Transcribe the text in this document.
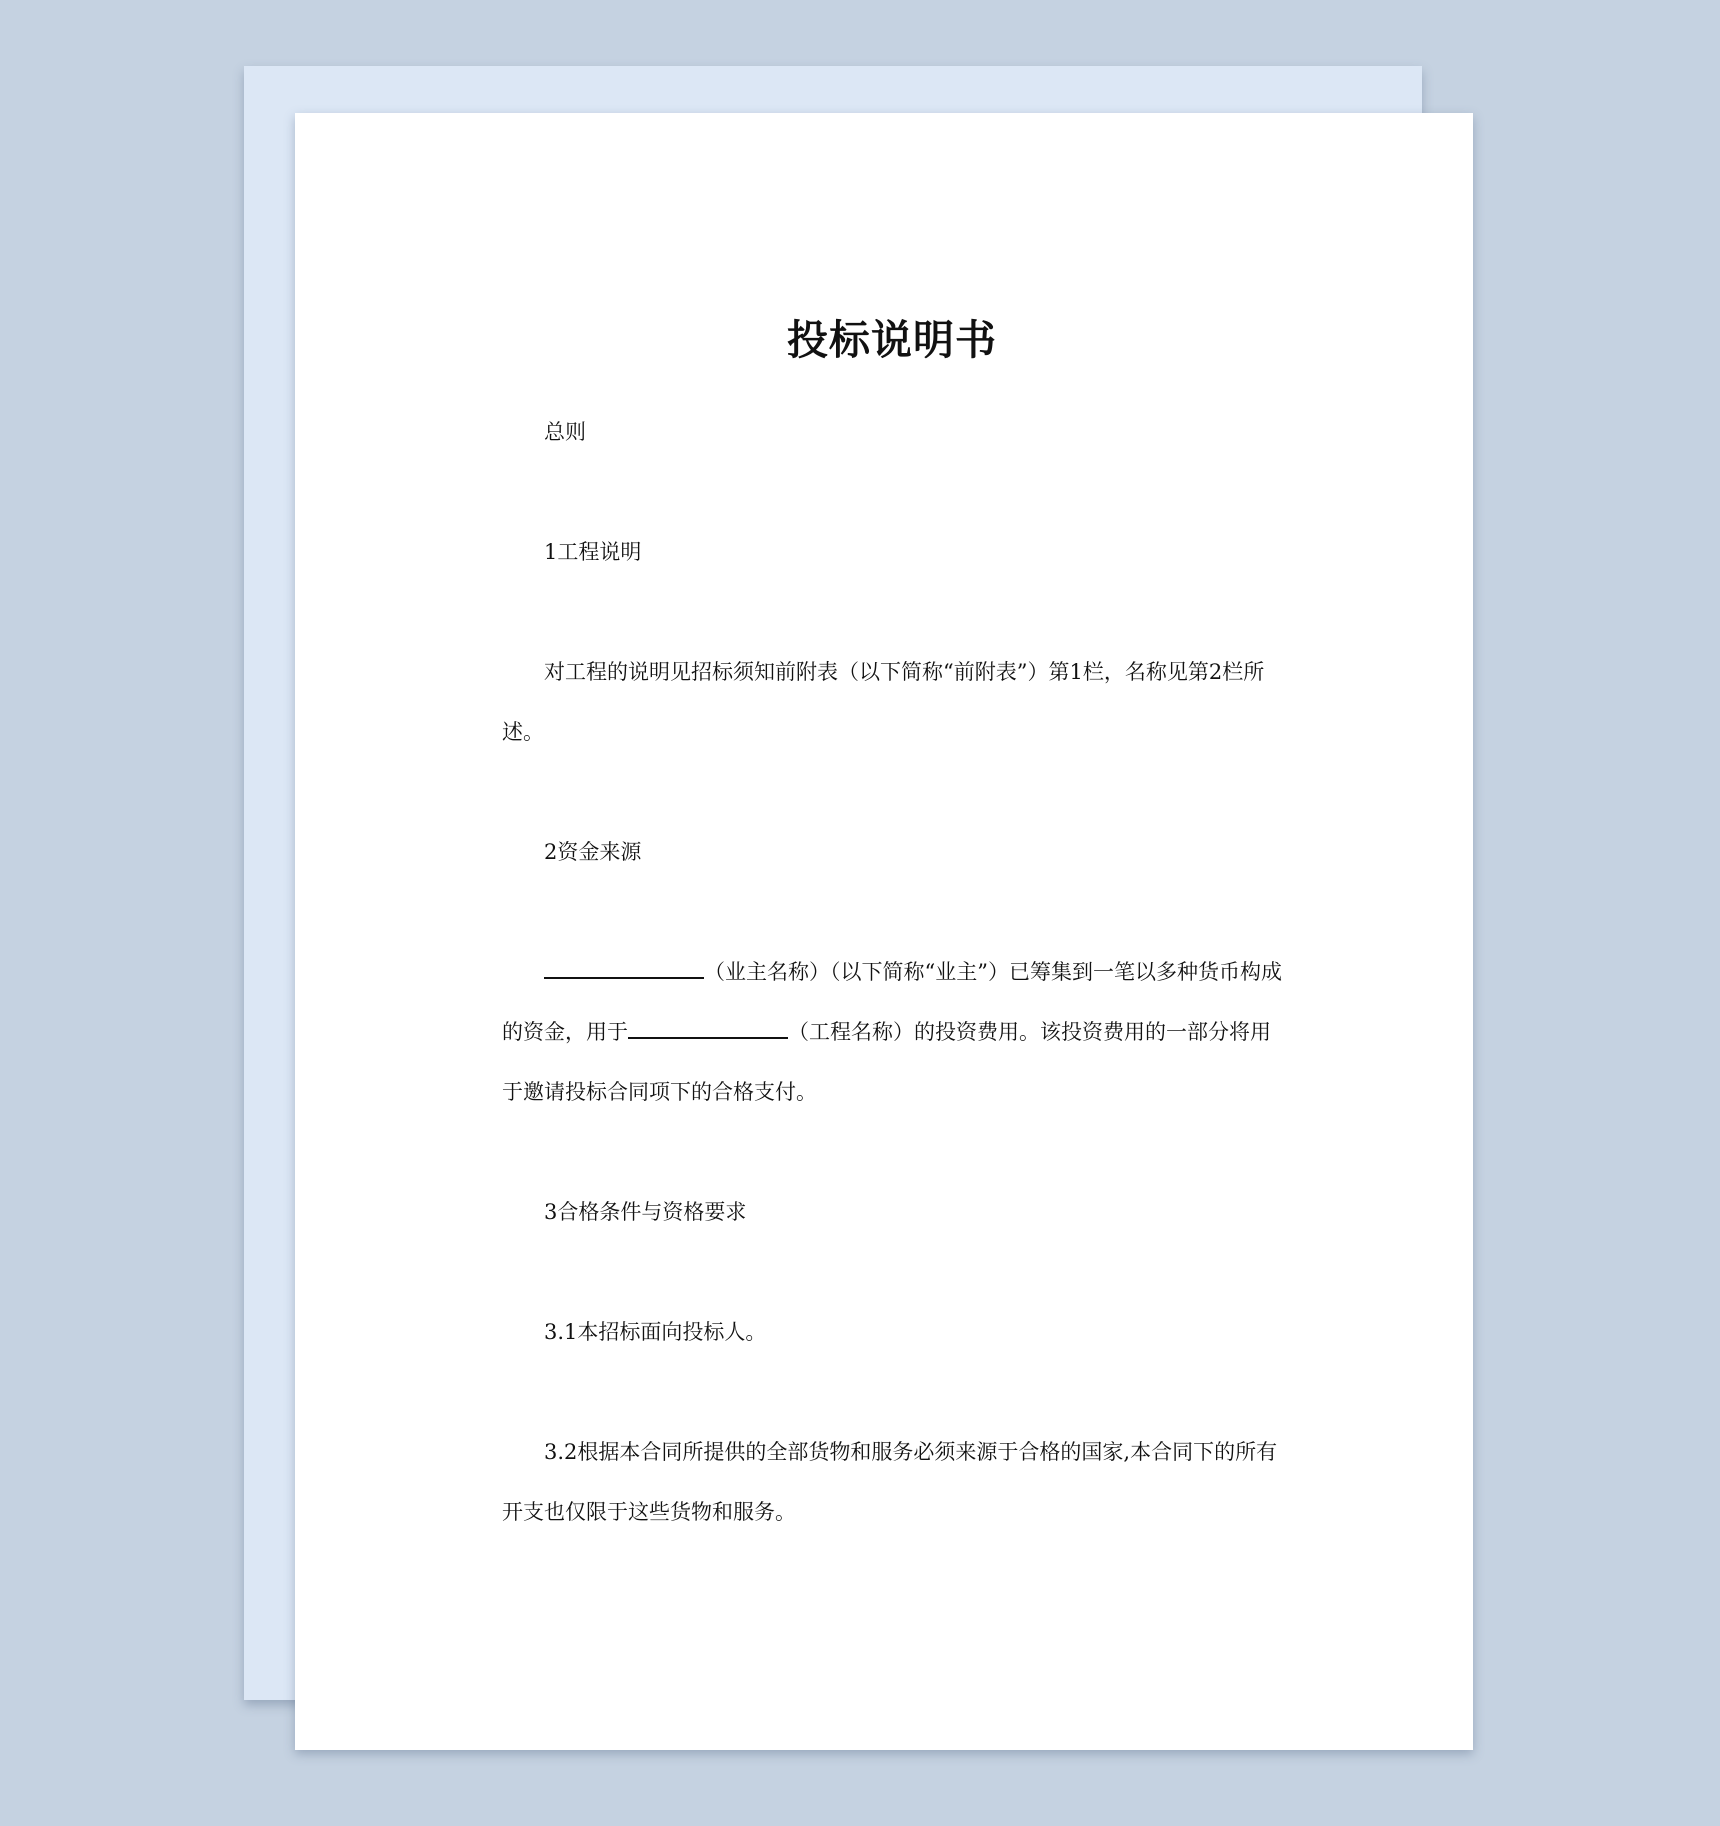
投标说明书

总则

1工程说明

对工程的说明见招标须知前附表（以下简称“前附表”）第1栏，名称见第2栏所述。

2资金来源

（业主名称）（以下简称“业主”）已筹集到一笔以多种货币构成的资金，用于	（工程名称）的投资费用。该投资费用的一部分将用于邀请投标合同项下的合格支付。

3合格条件与资格要求

3.1本招标面向投标人。

3.2根据本合同所提供的全部货物和服务必须来源于合格的国家,本合同下的所有开支也仅限于这些货物和服务。
